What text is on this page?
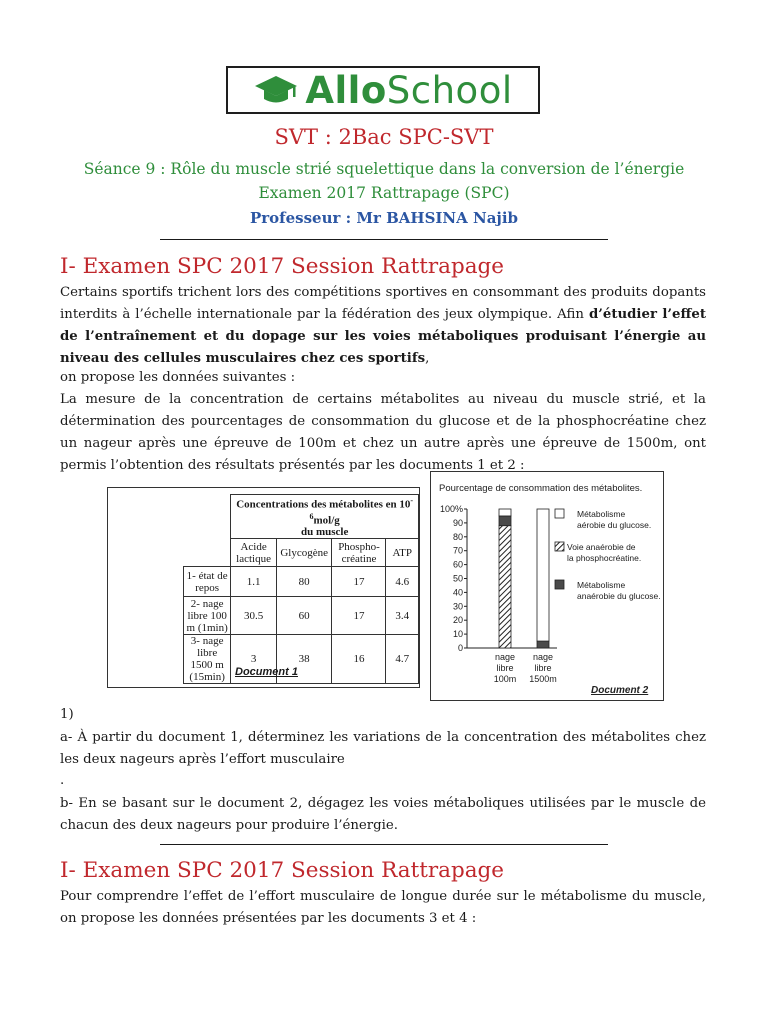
AlloSchool
SVT : 2Bac SPC-SVT
Séance 9 : Rôle du muscle strié squelettique dans la conversion de l’énergie
Examen 2017 Rattrapage (SPC)
Professeur : Mr BAHSINA Najib
I- Examen SPC 2017 Session Rattrapage
Certains sportifs trichent lors des compétitions sportives en consommant des produits dopants interdits à l’échelle internationale par la fédération des jeux olympique. Afin d’étudier l’effet de l’entraînement et du dopage sur les voies métaboliques produisant l’énergie au niveau des cellules musculaires chez ces sportifs,
on propose les données suivantes :
La mesure de la concentration de certains métabolites au niveau du muscle strié, et la détermination des pourcentages de consommation du glucose et de la phosphocréatine chez un nageur après une épreuve de 100m et chez un autre après une épreuve de 1500m, ont permis l’obtention des résultats présentés par les documents 1 et 2 :
	Concentrations des métabolites en $10^{-6}mol/g$
du muscle			
	Acide lactique	Glycogène	Phospho-créatine	ATP
1- état de repos	1.1	80	17	4.6
2- nage libre 100 m (1min)	30.5	60	17	3.4
3- nage libre 1500 m (15min)	3	38	16	4.7
Document 1
Pourcentage de consommation des métabolites.
0
10
20
30
40
50
60
70
80
90
100%
nage
libre
100m
nage
libre
1500m
Métabolisme
aérobie du glucose.
Voie anaérobie de
la phosphocréatine.
Métabolisme
anaérobie du glucose.
Document 2
1)
a- À partir du document 1, déterminez les variations de la concentration des métabolites chez les deux nageurs après l’effort musculaire
.
b- En se basant sur le document 2, dégagez les voies métaboliques utilisées par le muscle de chacun des deux nageurs pour produire l’énergie.
I- Examen SPC 2017 Session Rattrapage
Pour comprendre l’effet de l’effort musculaire de longue durée sur le métabolisme du muscle, on propose les données présentées par les documents 3 et 4 :
